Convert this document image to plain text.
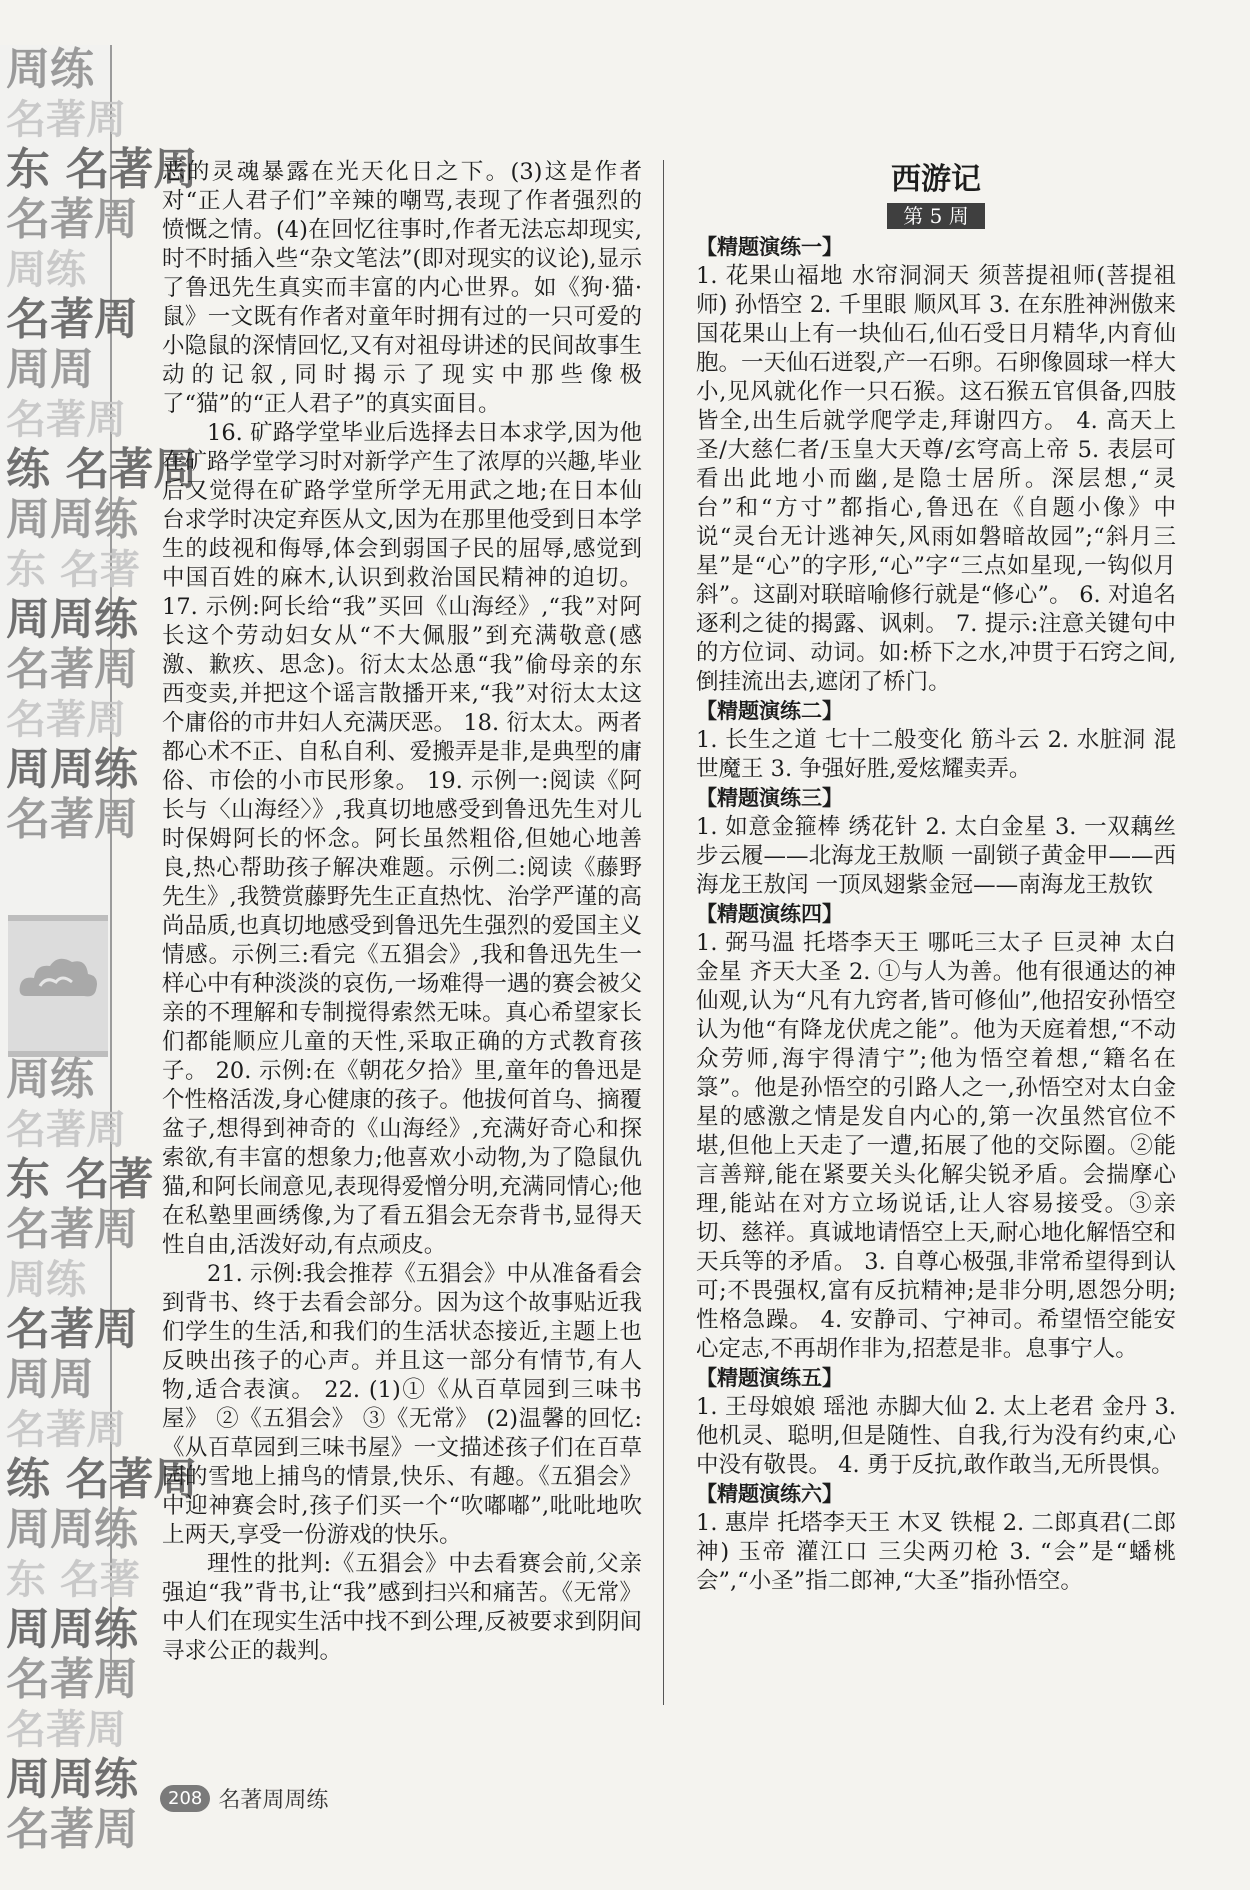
周练
名著周
东 名著周
名著周
周练
名著周
周周
名著周
练 名著周
周周练
东 名著
周周练
名著周
名著周
周周练
名著周
周练
名著周
东 名著
名著周
周练
名著周
周周
名著周
练 名著周
周周练
东 名著
周周练
名著周
名著周
周周练
名著周

恶的灵魂暴露在光天化日之下。(3)这是作者对“正人君子们”辛辣的嘲骂,表现了作者强烈的愤慨之情。(4)在回忆往事时,作者无法忘却现实,时不时插入些“杂文笔法”(即对现实的议论),显示了鲁迅先生真实而丰富的内心世界。如《狗·猫·鼠》一文既有作者对童年时拥有过的一只可爱的小隐鼠的深情回忆,又有对祖母讲述的民间故事生动的记叙,同时揭示了现实中那些像极了“猫”的“正人君子”的真实面目。

16. 矿路学堂毕业后选择去日本求学,因为他在矿路学堂学习时对新学产生了浓厚的兴趣,毕业后又觉得在矿路学堂所学无用武之地;在日本仙台求学时决定弃医从文,因为在那里他受到日本学生的歧视和侮辱,体会到弱国子民的屈辱,感觉到中国百姓的麻木,认识到救治国民精神的迫切。 17. 示例:阿长给“我”买回《山海经》,“我”对阿长这个劳动妇女从“不大佩服”到充满敬意(感激、歉疚、思念)。衍太太怂恿“我”偷母亲的东西变卖,并把这个谣言散播开来,“我”对衍太太这个庸俗的市井妇人充满厌恶。 18. 衍太太。两者都心术不正、自私自利、爱搬弄是非,是典型的庸俗、市侩的小市民形象。 19. 示例一:阅读《阿长与〈山海经〉》,我真切地感受到鲁迅先生对儿时保姆阿长的怀念。阿长虽然粗俗,但她心地善良,热心帮助孩子解决难题。示例二:阅读《藤野先生》,我赞赏藤野先生正直热忱、治学严谨的高尚品质,也真切地感受到鲁迅先生强烈的爱国主义情感。示例三:看完《五猖会》,我和鲁迅先生一样心中有种淡淡的哀伤,一场难得一遇的赛会被父亲的不理解和专制搅得索然无味。真心希望家长们都能顺应儿童的天性,采取正确的方式教育孩子。 20. 示例:在《朝花夕拾》里,童年的鲁迅是个性格活泼,身心健康的孩子。他拔何首乌、摘覆盆子,想得到神奇的《山海经》,充满好奇心和探索欲,有丰富的想象力;他喜欢小动物,为了隐鼠仇猫,和阿长闹意见,表现得爱憎分明,充满同情心;他在私塾里画绣像,为了看五猖会无奈背书,显得天性自由,活泼好动,有点顽皮。

21. 示例:我会推荐《五猖会》中从准备看会到背书、终于去看会部分。因为这个故事贴近我们学生的生活,和我们的生活状态接近,主题上也反映出孩子的心声。并且这一部分有情节,有人物,适合表演。 22. (1)①《从百草园到三味书屋》 ②《五猖会》 ③《无常》 (2)温馨的回忆:《从百草园到三味书屋》一文描述孩子们在百草园的雪地上捕鸟的情景,快乐、有趣。《五猖会》中迎神赛会时,孩子们买一个“吹嘟嘟”,吡吡地吹上两天,享受一份游戏的快乐。

理性的批判:《五猖会》中去看赛会前,父亲强迫“我”背书,让“我”感到扫兴和痛苦。《无常》中人们在现实生活中找不到公理,反被要求到阴间寻求公正的裁判。

西游记
第 5 周
【精题演练一】

1. 花果山福地 水帘洞洞天 须菩提祖师(菩提祖师) 孙悟空 2. 千里眼 顺风耳 3. 在东胜神洲傲来国花果山上有一块仙石,仙石受日月精华,内育仙胞。一天仙石迸裂,产一石卵。石卵像圆球一样大小,见风就化作一只石猴。这石猴五官俱备,四肢皆全,出生后就学爬学走,拜谢四方。 4. 高天上圣/大慈仁者/玉皇大天尊/玄穹高上帝 5. 表层可看出此地小而幽,是隐士居所。深层想,“灵台”和“方寸”都指心,鲁迅在《自题小像》中说“灵台无计逃神矢,风雨如磐暗故园”;“斜月三星”是“心”的字形,“心”字“三点如星现,一钩似月斜”。这副对联暗喻修行就是“修心”。 6. 对追名逐利之徒的揭露、讽刺。 7. 提示:注意关键句中的方位词、动词。如:桥下之水,冲贯于石窍之间,倒挂流出去,遮闭了桥门。

【精题演练二】

1. 长生之道 七十二般变化 筋斗云 2. 水脏洞 混世魔王 3. 争强好胜,爱炫耀卖弄。

【精题演练三】

1. 如意金箍棒 绣花针 2. 太白金星 3. 一双藕丝步云履——北海龙王敖顺 一副锁子黄金甲——西海龙王敖闰 一顶凤翅紫金冠——南海龙王敖钦

【精题演练四】

1. 弼马温 托塔李天王 哪吒三太子 巨灵神 太白金星 齐天大圣 2. ①与人为善。他有很通达的神仙观,认为“凡有九窍者,皆可修仙”,他招安孙悟空认为他“有降龙伏虎之能”。他为天庭着想,“不动众劳师,海宇得清宁”;他为悟空着想,“籍名在箓”。他是孙悟空的引路人之一,孙悟空对太白金星的感激之情是发自内心的,第一次虽然官位不堪,但他上天走了一遭,拓展了他的交际圈。②能言善辩,能在紧要关头化解尖锐矛盾。会揣摩心理,能站在对方立场说话,让人容易接受。③亲切、慈祥。真诚地请悟空上天,耐心地化解悟空和天兵等的矛盾。 3. 自尊心极强,非常希望得到认可;不畏强权,富有反抗精神;是非分明,恩怨分明;性格急躁。 4. 安静司、宁神司。希望悟空能安心定志,不再胡作非为,招惹是非。息事宁人。

【精题演练五】

1. 王母娘娘 瑶池 赤脚大仙 2. 太上老君 金丹 3. 他机灵、聪明,但是随性、自我,行为没有约束,心中没有敬畏。 4. 勇于反抗,敢作敢当,无所畏惧。

【精题演练六】

1. 惠岸 托塔李天王 木叉 铁棍 2. 二郎真君(二郎神) 玉帝 灌江口 三尖两刃枪 3. “会”是“蟠桃会”,“小圣”指二郎神,“大圣”指孙悟空。

208 名著周周练
